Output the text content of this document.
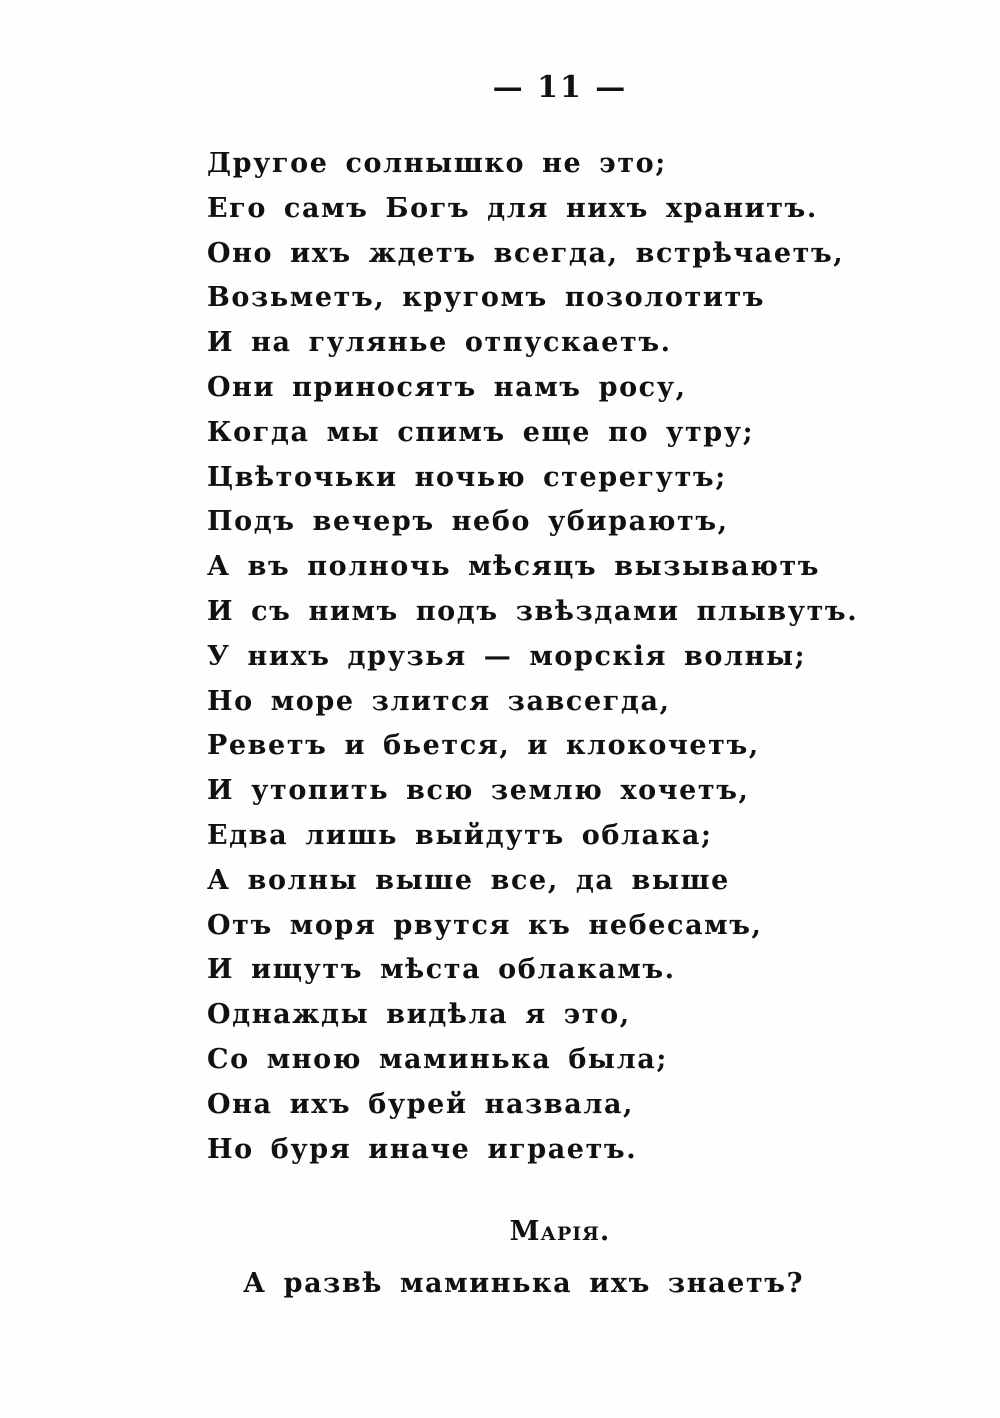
— 11 —
Другое солнышко не это;
Его самъ Богъ для нихъ хранитъ.
Оно ихъ ждетъ всегда, встрѣчаетъ,
Возьметъ, кругомъ позолотитъ
И на гулянье отпускаетъ.
Они приносятъ намъ росу,
Когда мы спимъ еще по утру;
Цвѣточьки ночью стерегутъ;
Подъ вечеръ небо убираютъ,
А въ полночь мѣсяцъ вызываютъ
И съ нимъ подъ звѣздами плывутъ.
У нихъ друзья — морскія волны;
Но море злится завсегда,
Реветъ и бьется, и клокочетъ,
И утопить всю землю хочетъ,
Едва лишь выйдутъ облака;
А волны выше все, да выше
Отъ моря рвутся къ небесамъ,
И ищутъ мѣста облакамъ.
Однажды видѣла я это,
Со мною маминька была;
Она ихъ бурей назвала,
Но буря иначе играетъ.
Марія.
А развѣ маминька ихъ знаетъ?
